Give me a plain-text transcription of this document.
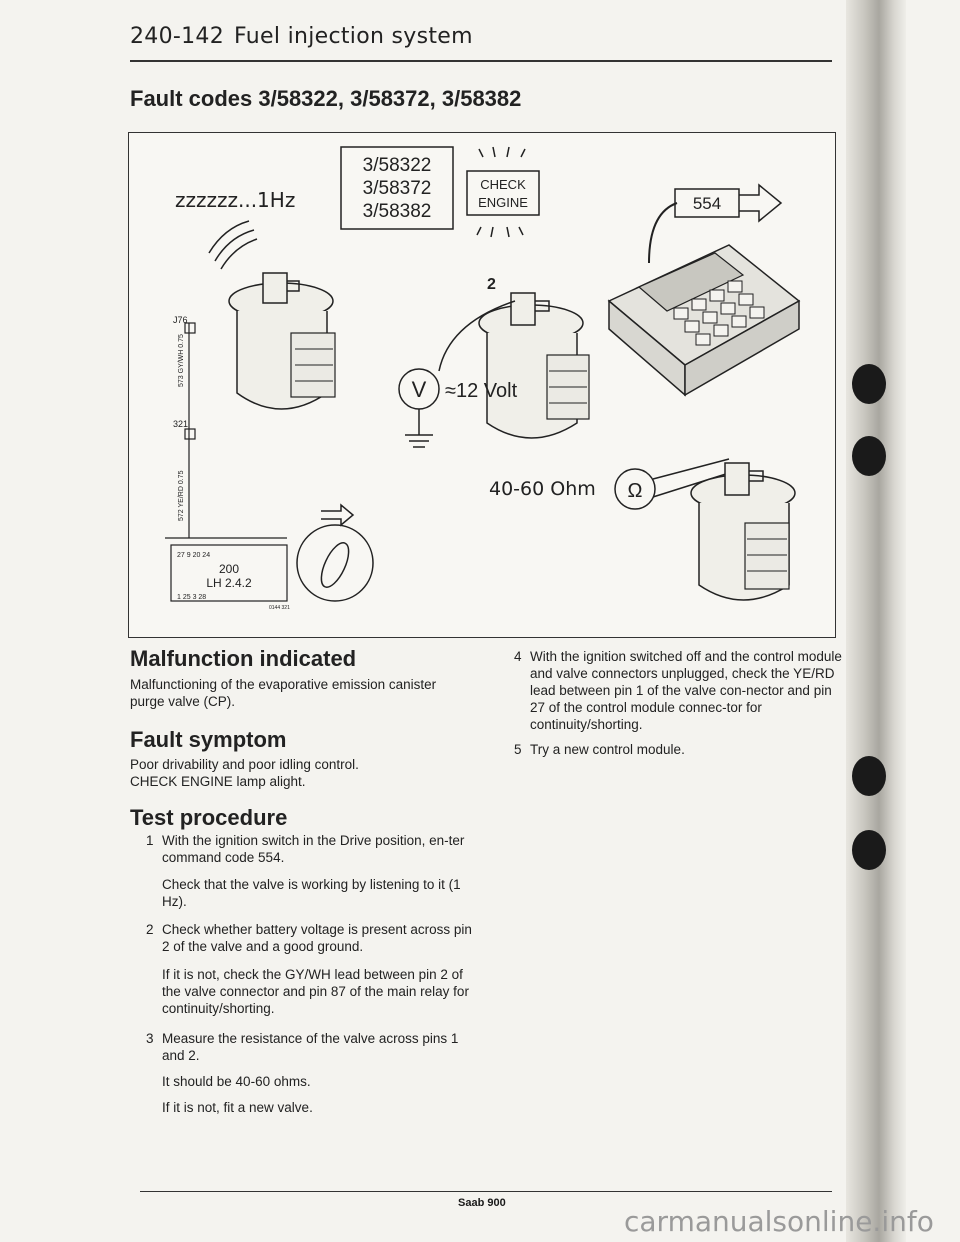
240-142 Fuel injection system
Fault codes 3/58322, 3/58372, 3/58382
zzzzzz...1Hz
3/58322
3/58372
3/58382
CHECK
ENGINE	554
J76
321
573 GY/WH 0.75
572 YE/RD 0.75
27 9 20 24
200
LH 2.4.2
1 25 3 28
0144 321
2
V ≈12 Volt
40-60 Ohm Ω
Malfunction indicated
Malfunctioning of the evaporative emission canister purge valve (CP).
Fault symptom
Poor drivability and poor idling control.
CHECK ENGINE lamp alight.
Test procedure
1 With the ignition switch in the Drive position, en-ter command code 554.
Check that the valve is working by listening to it (1 Hz).
2 Check whether battery voltage is present across pin 2 of the valve and a good ground.
If it is not, check the GY/WH lead between pin 2 of the valve connector and pin 87 of the main relay for continuity/shorting.
3 Measure the resistance of the valve across pins 1 and 2.
It should be 40-60 ohms.
If it is not, fit a new valve.
4 With the ignition switched off and the control module and valve connectors unplugged, check the YE/RD lead between pin 1 of the valve con-nector and pin 27 of the control module connec-tor for continuity/shorting.
5 Try a new control module.
Saab 900
carmanualsonline.info
